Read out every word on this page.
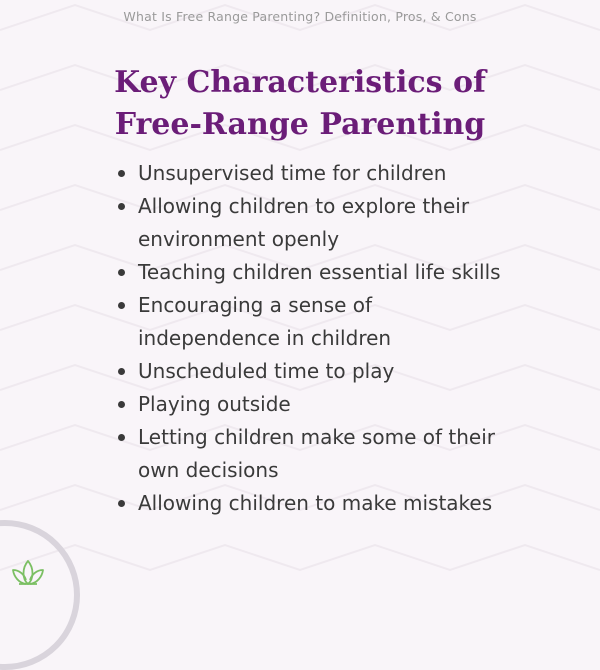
What Is Free Range Parenting? Definition, Pros, & Cons
Key Characteristics of
Free-Range Parenting
Unsupervised time for children
Allowing children to explore their
environment openly
Teaching children essential life skills
Encouraging a sense of
independence in children
Unscheduled time to play
Playing outside
Letting children make some of their
own decisions
Allowing children to make mistakes
